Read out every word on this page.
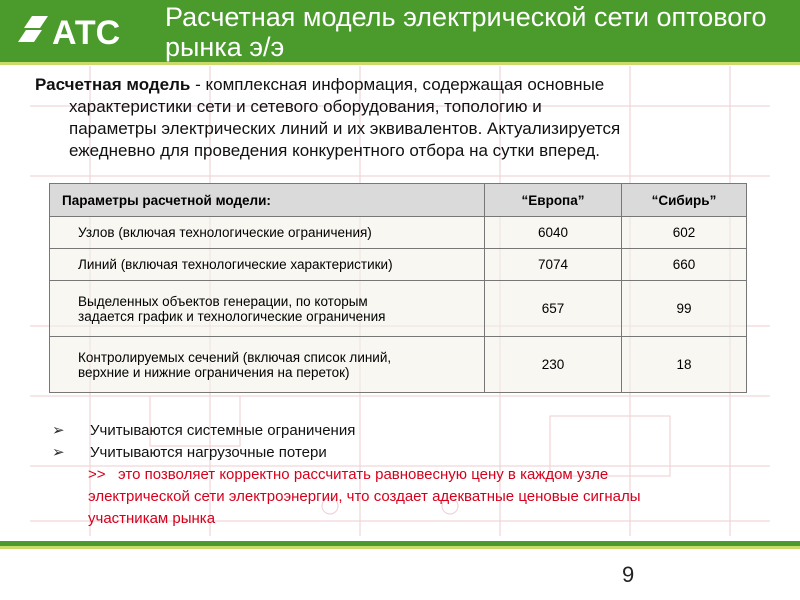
АТС Расчетная модель электрической сети оптового рынка э/э
Расчетная модель - комплексная информация, содержащая основные
характеристики сети и сетевого оборудования, топологию и
параметры электрических линий и их эквивалентов. Актуализируется
ежедневно для проведения конкурентного отбора на сутки вперед.
Параметры расчетной модели:	“Европа”	“Сибирь”
Узлов (включая технологические ограничения)	6040	602
Линий (включая технологические характеристики)	7074	660
Выделенных объектов генерации, по которым
задается график и технологические ограничения	657	99
Контролируемых сечений (включая список линий,
верхние и нижние ограничения на переток)	230	18
➢ Учитываются системные ограничения
➢ Учитываются нагрузочные потери
>> это позволяет корректно рассчитать равновесную цену в каждом узле
электрической сети электроэнергии, что создает адекватные ценовые сигналы
участникам рынка
9
